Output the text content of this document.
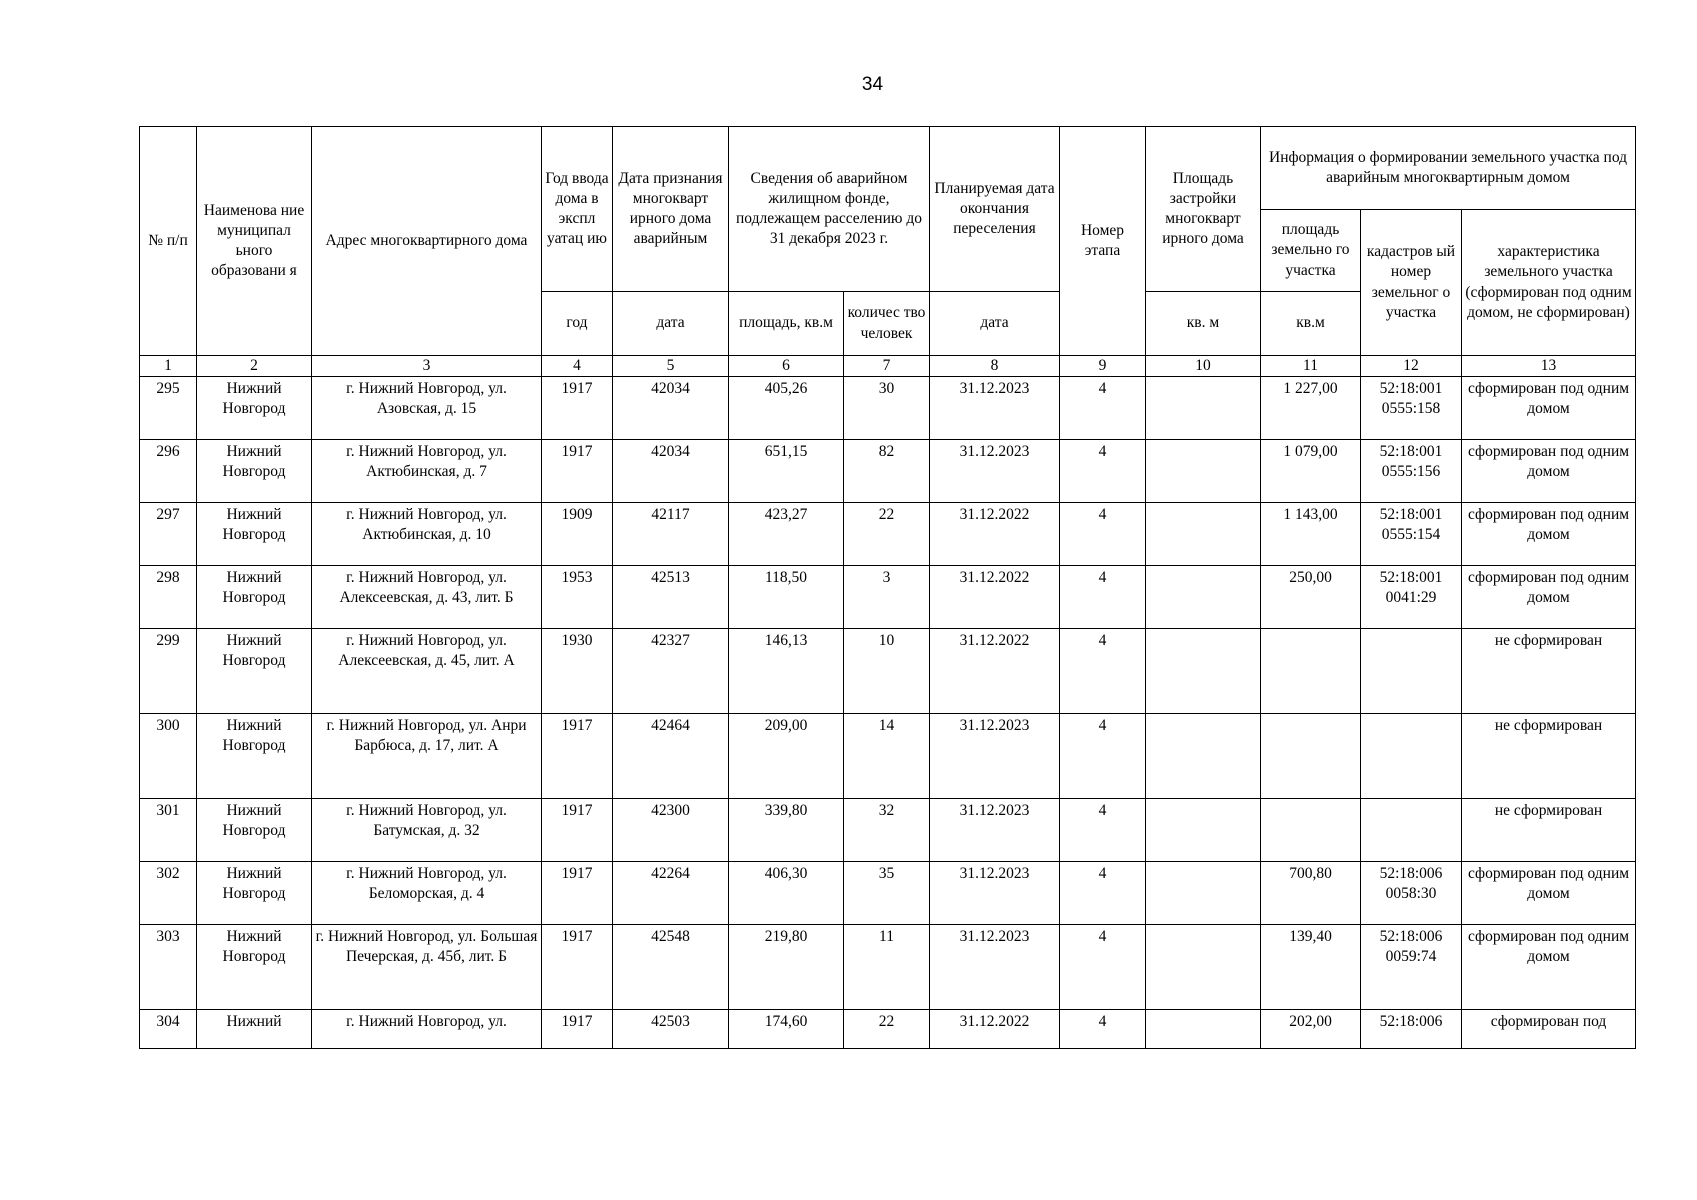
34
№ п/п	Наименова ние муниципал ьного образовани я	Адрес многоквартирного дома	Год ввода дома в экспл уатац ию	Дата признания многокварт ирного дома аварийным	Сведения об аварийном жилищном фонде, подлежащем расселению до 31 декабря 2023 г.		Планируемая дата окончания переселения	Номер этапа	Площадь застройки многокварт ирного дома	Информация о формировании земельного участка под аварийным многоквартирным домом		
										площадь земельно го участка	кадастров ый номер земельног о участка	характеристика земельного участка (сформирован под одним домом, не сформирован)
			год	дата	площадь, кв.м	количес тво человек	дата		кв. м	кв.м		
1	2	3	4	5	6	7	8	9	10	11	12	13
295	Нижний Новгород	г. Нижний Новгород, ул. Азовская, д. 15	1917	42034	405,26	30	31.12.2023	4		1 227,00	52:18:001 0555:158	сформирован под одним домом
296	Нижний Новгород	г. Нижний Новгород, ул. Актюбинская, д. 7	1917	42034	651,15	82	31.12.2023	4		1 079,00	52:18:001 0555:156	сформирован под одним домом
297	Нижний Новгород	г. Нижний Новгород, ул. Актюбинская, д. 10	1909	42117	423,27	22	31.12.2022	4		1 143,00	52:18:001 0555:154	сформирован под одним домом
298	Нижний Новгород	г. Нижний Новгород, ул. Алексеевская, д. 43, лит. Б	1953	42513	118,50	3	31.12.2022	4		250,00	52:18:001 0041:29	сформирован под одним домом
299	Нижний Новгород	г. Нижний Новгород, ул. Алексеевская, д. 45, лит. А	1930	42327	146,13	10	31.12.2022	4				не сформирован
300	Нижний Новгород	г. Нижний Новгород, ул. Анри Барбюса, д. 17, лит. А	1917	42464	209,00	14	31.12.2023	4				не сформирован
301	Нижний Новгород	г. Нижний Новгород, ул. Батумская, д. 32	1917	42300	339,80	32	31.12.2023	4				не сформирован
302	Нижний Новгород	г. Нижний Новгород, ул. Беломорская, д. 4	1917	42264	406,30	35	31.12.2023	4		700,80	52:18:006 0058:30	сформирован под одним домом
303	Нижний Новгород	г. Нижний Новгород, ул. Большая Печерская, д. 45б, лит. Б	1917	42548	219,80	11	31.12.2023	4		139,40	52:18:006 0059:74	сформирован под одним домом
304	Нижний	г. Нижний Новгород, ул.	1917	42503	174,60	22	31.12.2022	4		202,00	52:18:006	сформирован под
